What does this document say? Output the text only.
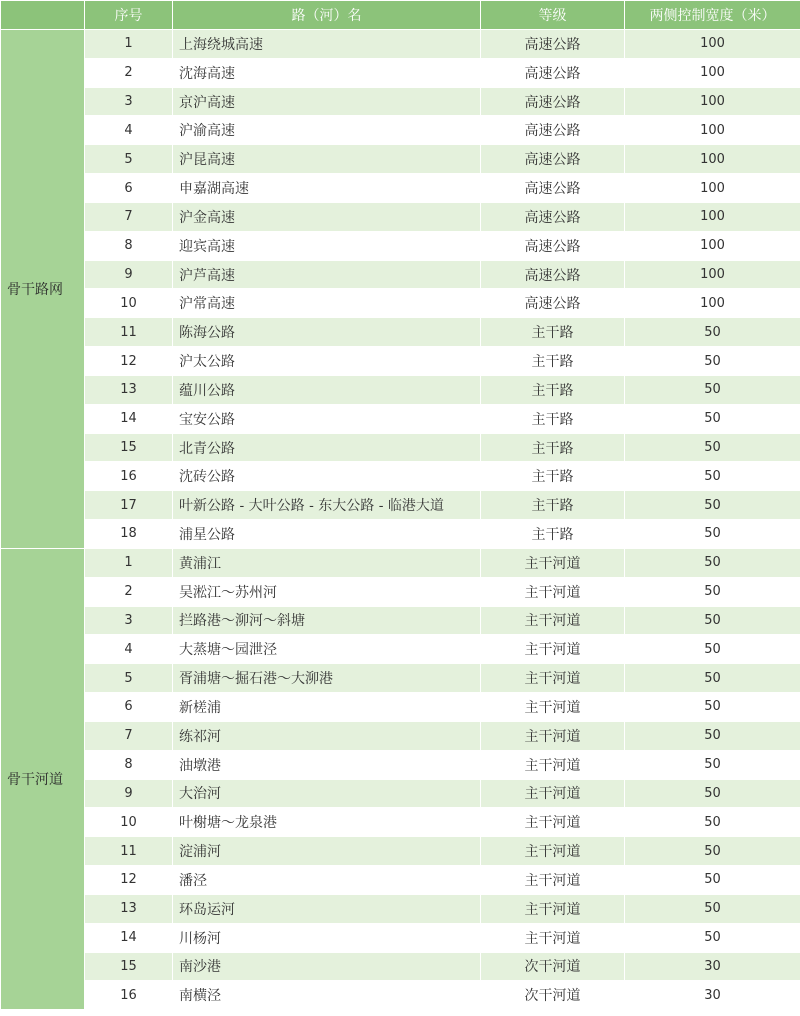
	序号	路（河）名	等级	两侧控制宽度（米）
骨干路网	1	上海绕城高速	高速公路	100
	2	沈海高速	高速公路	100
	3	京沪高速	高速公路	100
	4	沪渝高速	高速公路	100
	5	沪昆高速	高速公路	100
	6	申嘉湖高速	高速公路	100
	7	沪金高速	高速公路	100
	8	迎宾高速	高速公路	100
	9	沪芦高速	高速公路	100
	10	沪常高速	高速公路	100
	11	陈海公路	主干路	50
	12	沪太公路	主干路	50
	13	蕴川公路	主干路	50
	14	宝安公路	主干路	50
	15	北青公路	主干路	50
	16	沈砖公路	主干路	50
	17	叶新公路 - 大叶公路 - 东大公路 - 临港大道	主干路	50
	18	浦星公路	主干路	50
骨干河道	1	黄浦江	主干河道	50
	2	吴淞江～苏州河	主干河道	50
	3	拦路港～泖河～斜塘	主干河道	50
	4	大蒸塘～园泄泾	主干河道	50
	5	胥浦塘～掘石港～大泖港	主干河道	50
	6	新槎浦	主干河道	50
	7	练祁河	主干河道	50
	8	油墩港	主干河道	50
	9	大治河	主干河道	50
	10	叶榭塘～龙泉港	主干河道	50
	11	淀浦河	主干河道	50
	12	潘泾	主干河道	50
	13	环岛运河	主干河道	50
	14	川杨河	主干河道	50
	15	南沙港	次干河道	30
	16	南横泾	次干河道	30
